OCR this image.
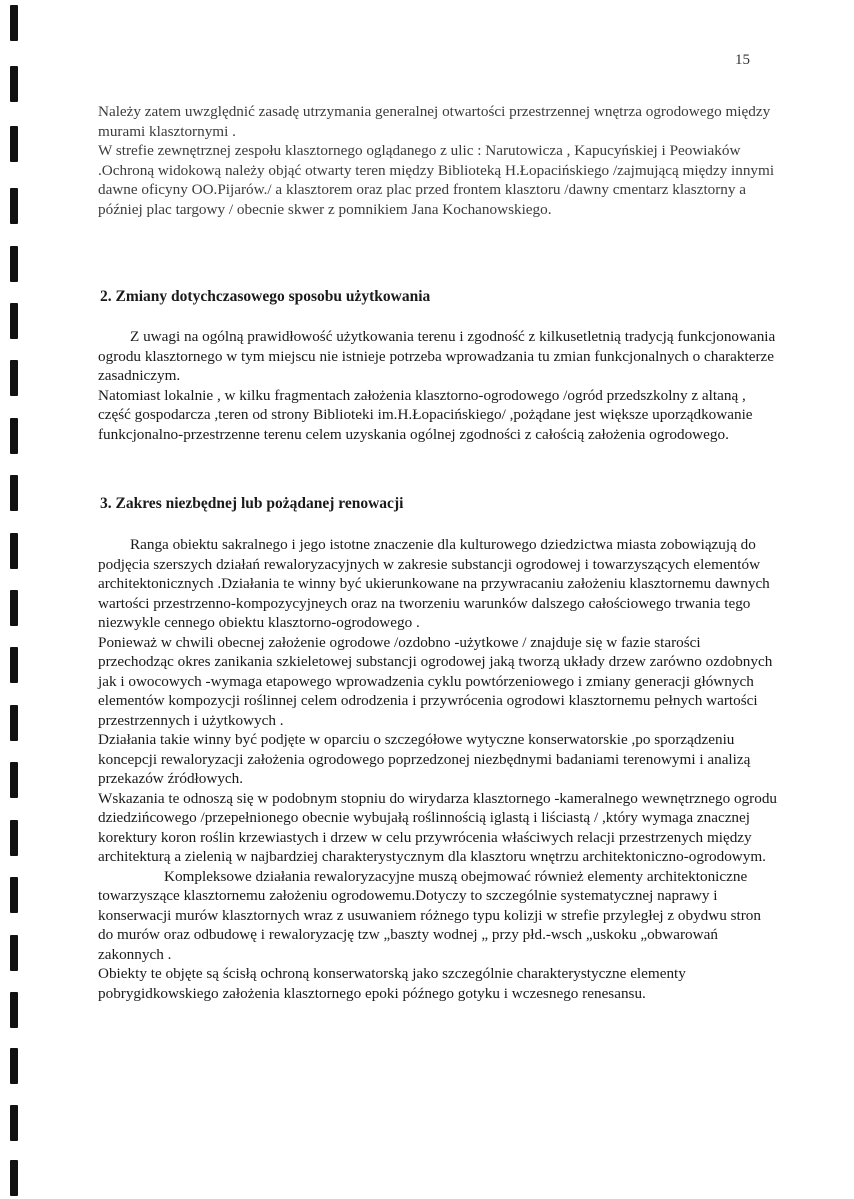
15

Należy zatem uwzględnić zasadę utrzymania generalnej otwartości przestrzennej wnętrza ogrodowego między murami klasztornymi .

W strefie zewnętrznej zespołu klasztornego oglądanego z ulic : Narutowicza , Kapucyńskiej i Peowiaków .Ochroną widokową należy objąć otwarty teren między Biblioteką H.Łopacińskiego /zajmującą między innymi dawne oficyny OO.Pijarów./ a klasztorem oraz plac przed frontem klasztoru /dawny cmentarz klasztorny a później plac targowy / obecnie skwer z pomnikiem Jana Kochanowskiego.

2. Zmiany dotychczasowego sposobu użytkowania

Z uwagi na ogólną prawidłowość użytkowania terenu i zgodność z kilkusetletnią tradycją funkcjonowania ogrodu klasztornego w tym miejscu nie istnieje potrzeba wprowadzania tu zmian funkcjonalnych o charakterze zasadniczym.

Natomiast lokalnie , w kilku fragmentach założenia klasztorno-ogrodowego /ogród przedszkolny z altaną , część gospodarcza ,teren od strony Biblioteki im.H.Łopacińskiego/ ,pożądane jest większe uporządkowanie funkcjonalno-przestrzenne terenu celem uzyskania ogólnej zgodności z całością założenia ogrodowego.

3. Zakres niezbędnej lub pożądanej renowacji

Ranga obiektu sakralnego i jego istotne znaczenie dla kulturowego dziedzictwa miasta zobowiązują do podjęcia szerszych działań rewaloryzacyjnych w zakresie substancji ogrodowej i towarzyszących elementów architektonicznych .Działania te winny być ukierunkowane na przywracaniu założeniu klasztornemu dawnych wartości przestrzenno-kompozycyjneych oraz na tworzeniu warunków dalszego całościowego trwania tego niezwykle cennego obiektu klasztorno-ogrodowego .

Ponieważ w chwili obecnej założenie ogrodowe /ozdobno -użytkowe / znajduje się w fazie starości przechodząc okres zanikania szkieletowej substancji ogrodowej jaką tworzą układy drzew zarówno ozdobnych jak i owocowych -wymaga etapowego wprowadzenia cyklu powtórzeniowego i zmiany generacji głównych elementów kompozycji roślinnej celem odrodzenia i przywrócenia ogrodowi klasztornemu pełnych wartości przestrzennych i użytkowych .

Działania takie winny być podjęte w oparciu o szczegółowe wytyczne konserwatorskie ,po sporządzeniu koncepcji rewaloryzacji założenia ogrodowego poprzedzonej niezbędnymi badaniami terenowymi i analizą przekazów źródłowych.

Wskazania te odnoszą się w podobnym stopniu do wirydarza klasztornego -kameralnego wewnętrznego ogrodu dziedzińcowego /przepełnionego obecnie wybujałą roślinnością iglastą i liściastą / ,który wymaga znacznej korektury koron roślin krzewiastych i drzew w celu przywrócenia właściwych relacji przestrzenych między architekturą a zielenią w najbardziej charakterystycznym dla klasztoru wnętrzu architektoniczno-ogrodowym.

Kompleksowe działania rewaloryzacyjne muszą obejmować również elementy architektoniczne towarzyszące klasztornemu założeniu ogrodowemu.Dotyczy to szczególnie systematycznej naprawy i konserwacji murów klasztornych wraz z usuwaniem różnego typu kolizji w strefie przyległej z obydwu stron do murów oraz odbudowę i rewaloryzację tzw „baszty wodnej „ przy płd.-wsch „uskoku „obwarowań zakonnych .

Obiekty te objęte są ścisłą ochroną konserwatorską jako szczególnie charakterystyczne elementy pobrygidkowskiego założenia klasztornego epoki późnego gotyku i wczesnego renesansu.
